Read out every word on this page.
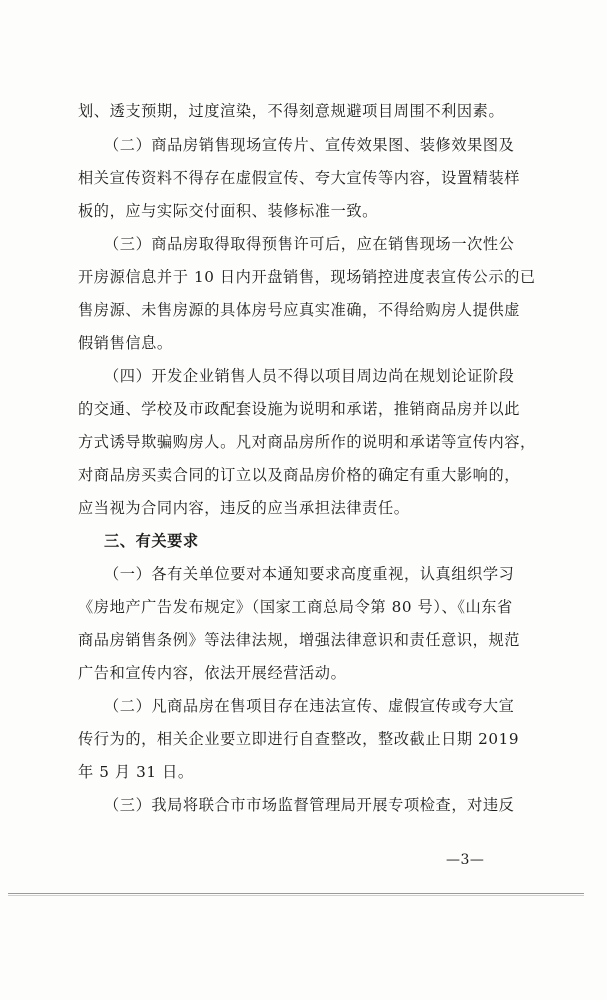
划、透支预期，过度渲染，不得刻意规避项目周围不利因素。
（二）商品房销售现场宣传片、宣传效果图、装修效果图及
相关宣传资料不得存在虚假宣传、夸大宣传等内容，设置精装样
板的，应与实际交付面积、装修标准一致。
（三）商品房取得取得预售许可后，应在销售现场一次性公
开房源信息并于 10 日内开盘销售，现场销控进度表宣传公示的已
售房源、未售房源的具体房号应真实准确，不得给购房人提供虚
假销售信息。
（四）开发企业销售人员不得以项目周边尚在规划论证阶段
的交通、学校及市政配套设施为说明和承诺，推销商品房并以此
方式诱导欺骗购房人。凡对商品房所作的说明和承诺等宣传内容，
对商品房买卖合同的订立以及商品房价格的确定有重大影响的，
应当视为合同内容，违反的应当承担法律责任。
三、有关要求
（一）各有关单位要对本通知要求高度重视，认真组织学习
《房地产广告发布规定》（国家工商总局令第 80 号）、《山东省
商品房销售条例》等法律法规，增强法律意识和责任意识，规范
广告和宣传内容，依法开展经营活动。
（二）凡商品房在售项目存在违法宣传、虚假宣传或夸大宣
传行为的，相关企业要立即进行自查整改，整改截止日期 2019
年 5 月 31 日。
（三）我局将联合市市场监督管理局开展专项检查，对违反
—3—
